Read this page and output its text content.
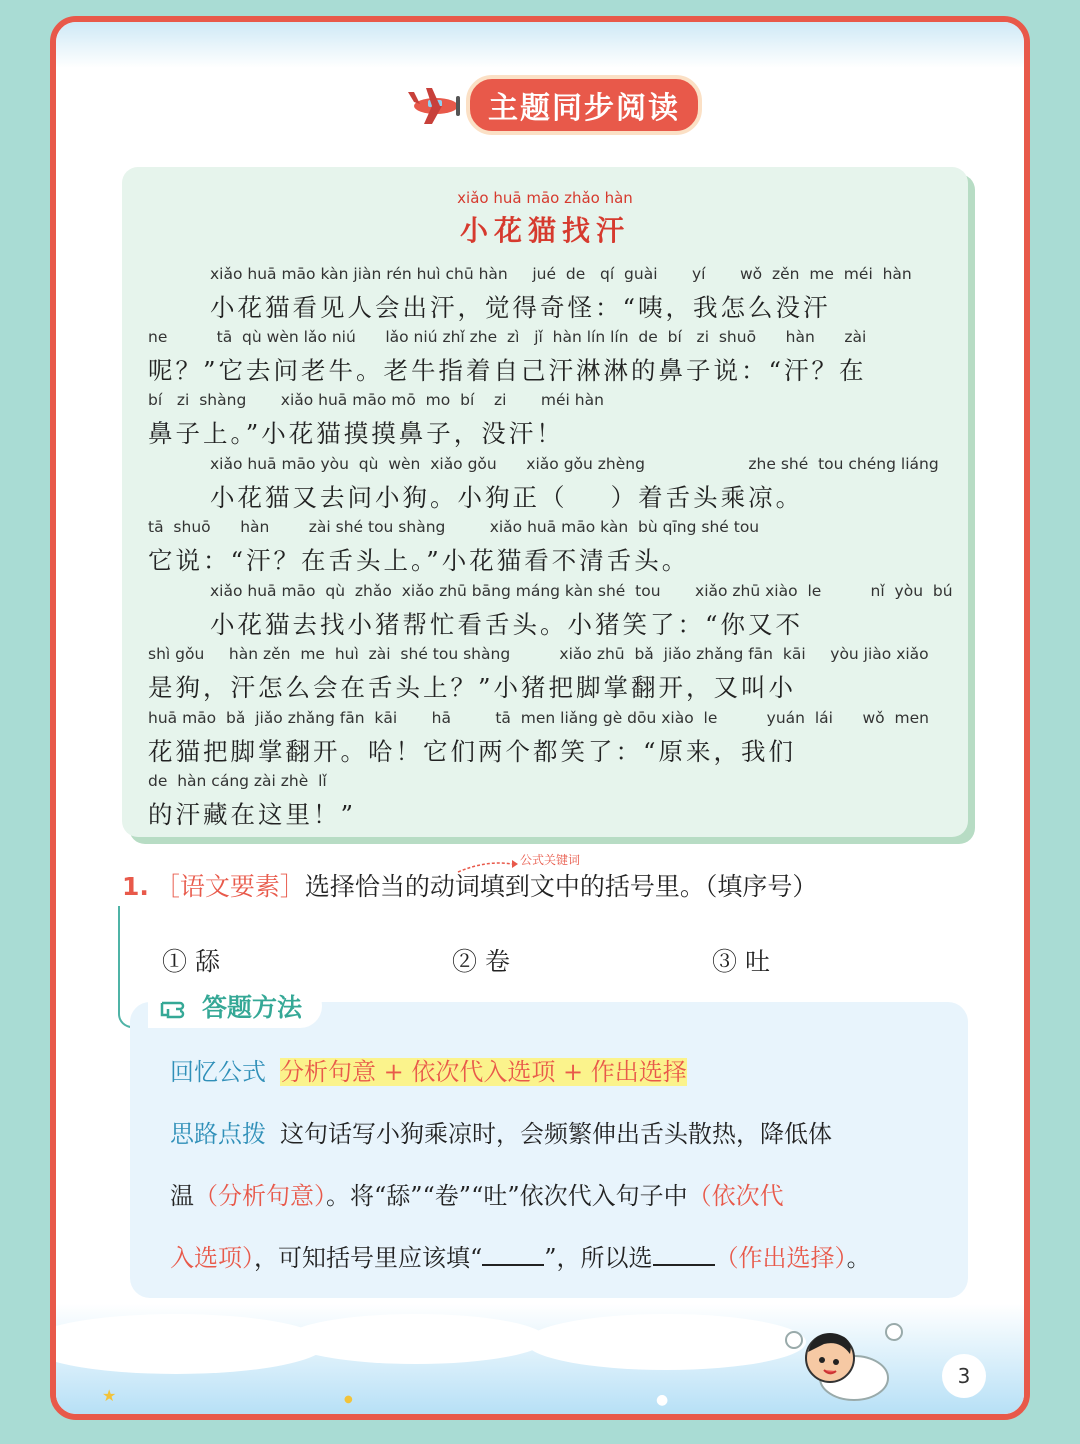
★	●	●
主题同步阅读
xiǎo huā māo zhǎo hàn
小花猫找汗
xiǎo huā māo kàn jiàn rén huì chū hàn     jué  de   qí  guài       yí       wǒ  zěn  me  méi  hàn
小花猫看见人会出汗，觉得奇怪：“咦，我怎么没汗
ne          tā  qù wèn lǎo niú      lǎo niú zhǐ zhe  zì   jǐ  hàn lín lín  de  bí   zi  shuō      hàn      zài
呢？”它去问老牛。老牛指着自己汗淋淋的鼻子说：“汗？在
bí   zi  shàng       xiǎo huā māo mō  mo  bí    zi       méi hàn
鼻子上。”小花猫摸摸鼻子，没汗！
xiǎo huā māo yòu  qù  wèn  xiǎo gǒu      xiǎo gǒu zhèng                     zhe shé  tou chéng liáng
小花猫又去问小狗。小狗正（    ）着舌头乘凉。
tā  shuō      hàn        zài shé tou shàng         xiǎo huā māo kàn  bù qīng shé tou
它说：“汗？在舌头上。”小花猫看不清舌头。
xiǎo huā māo  qù  zhǎo  xiǎo zhū bāng máng kàn shé  tou       xiǎo zhū xiào  le          nǐ  yòu  bú
小花猫去找小猪帮忙看舌头。小猪笑了：“你又不
shì gǒu     hàn zěn  me  huì  zài  shé tou shàng          xiǎo zhū  bǎ  jiǎo zhǎng fān  kāi     yòu jiào xiǎo
是狗，汗怎么会在舌头上？”小猪把脚掌翻开，又叫小
huā māo  bǎ  jiǎo zhǎng fān  kāi       hā         tā  men liǎng gè dōu xiào  le          yuán  lái      wǒ  men
花猫把脚掌翻开。哈！它们两个都笑了：“原来，我们
de  hàn cáng zài zhè  lǐ
的汗藏在这里！”
公式关键词
1. ［语文要素］选择恰当的动词填到文中的括号里。（填序号）
① 舔	② 卷	③ 吐
答题方法
回忆公式 分析句意 + 依次代入选项 + 作出选择
思路点拨 这句话写小狗乘凉时，会频繁伸出舌头散热，降低体
温（分析句意）。将“舔”“卷”“吐”依次代入句子中（依次代
入选项），可知括号里应该填“	”，所以选	（作出选择）。
3
